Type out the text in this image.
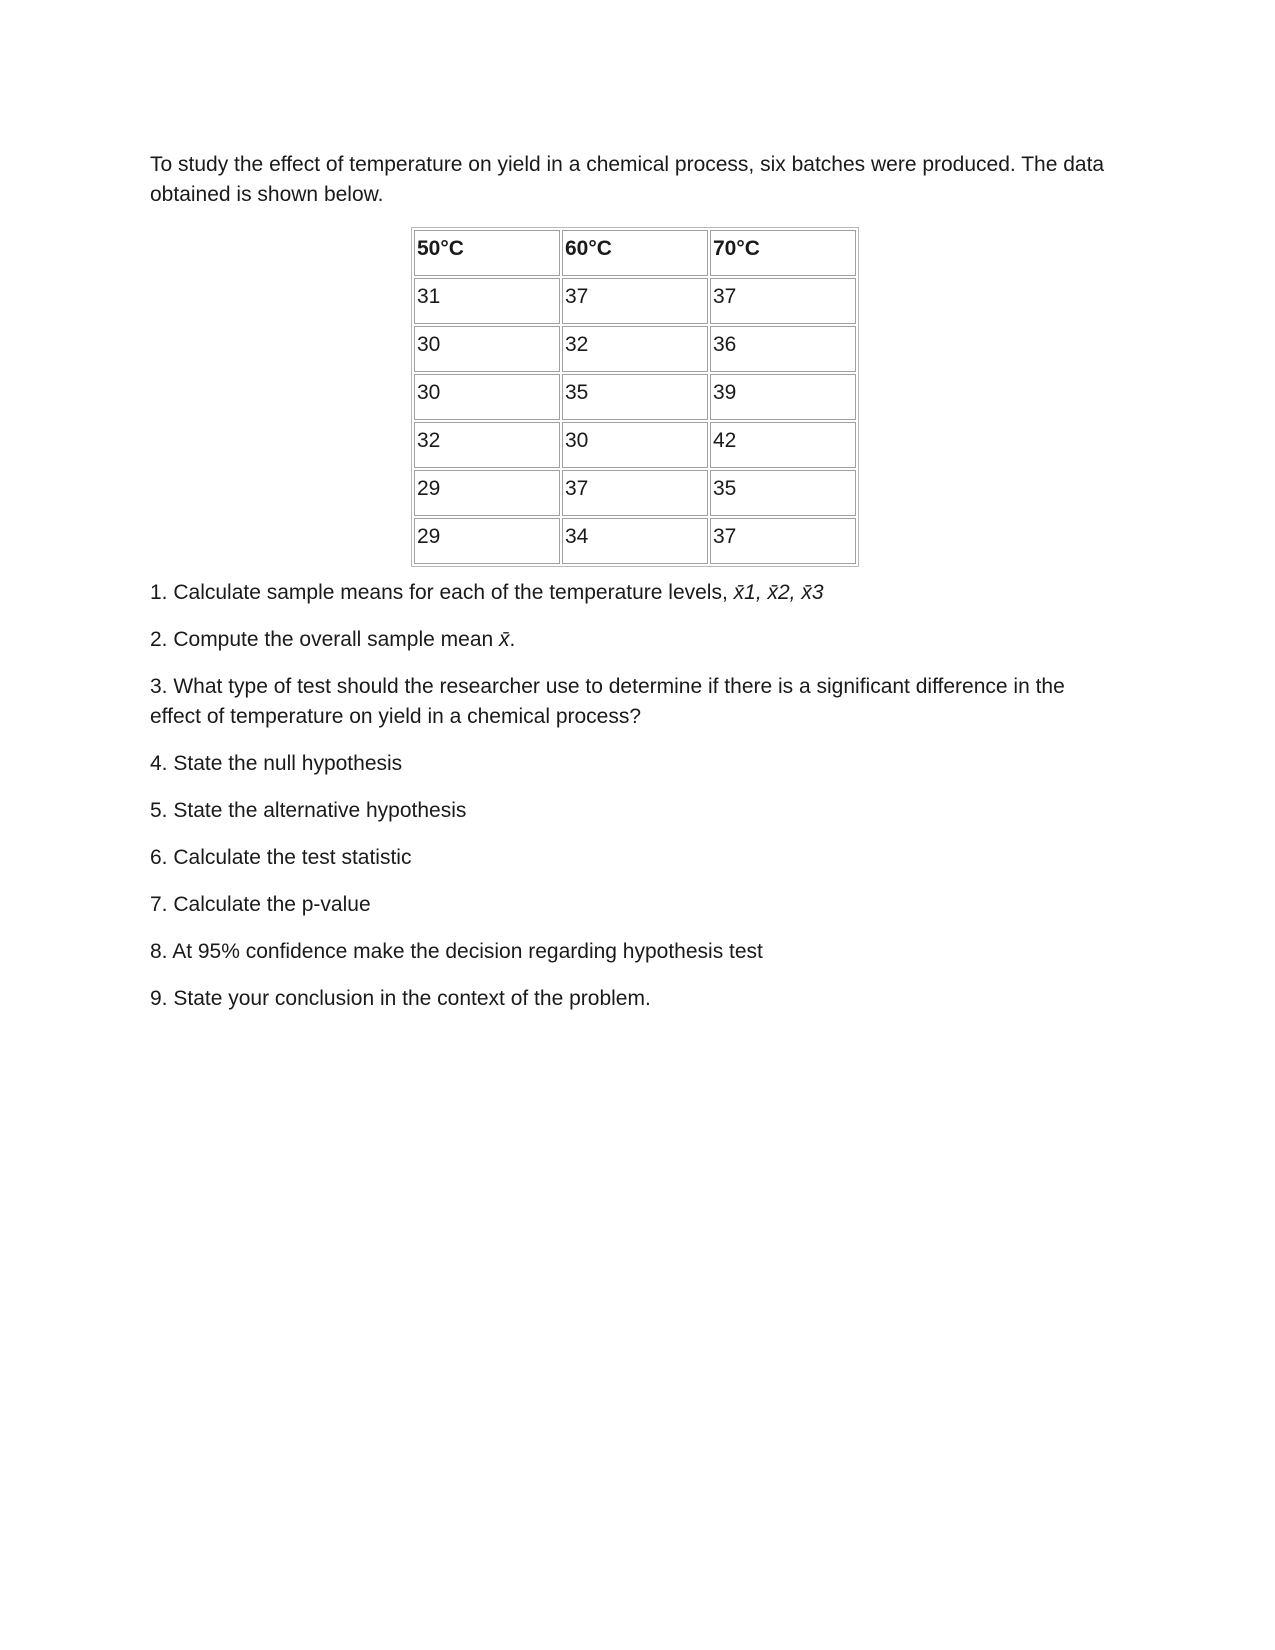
To study the effect of temperature on yield in a chemical process, six batches were produced. The data obtained is shown below.

50°C	60°C	70°C
31	37	37
30	32	36
30	35	39
32	30	42
29	37	35
29	34	37
1. Calculate sample means for each of the temperature levels, x̄1, x̄2, x̄3
2. Compute the overall sample mean x̄.
3. What type of test should the researcher use to determine if there is a significant difference in the effect of temperature on yield in a chemical process?
4. State the null hypothesis
5. State the alternative hypothesis
6. Calculate the test statistic
7. Calculate the p-value
8. At 95% confidence make the decision regarding hypothesis test
9. State your conclusion in the context of the problem.
